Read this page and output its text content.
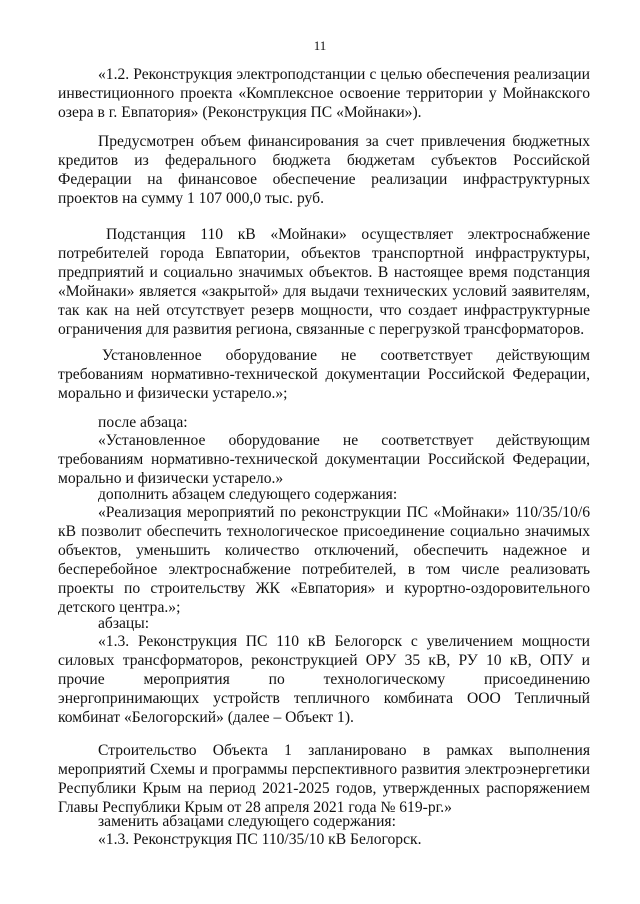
11

«1.2. Реконструкция электроподстанции с целью обеспечения реализации инвестиционного проекта «Комплексное освоение территории у Мойнакского озера в г. Евпатория» (Реконструкция ПС «Мойнаки»).

Предусмотрен объем финансирования за счет привлечения бюджетных кредитов из федерального бюджета бюджетам субъектов Российской Федерации на финансовое обеспечение реализации инфраструктурных проектов на сумму 1 107 000,0 тыс. руб.

Подстанция 110 кВ «Мойнаки» осуществляет электроснабжение потребителей города Евпатории, объектов транспортной инфраструктуры, предприятий и социально значимых объектов. В настоящее время подстанция «Мойнаки» является «закрытой» для выдачи технических условий заявителям, так как на ней отсутствует резерв мощности, что создает инфраструктурные ограничения для развития региона, связанные с перегрузкой трансформаторов.

Установленное оборудование не соответствует действующим требованиям нормативно-технической документации Российской Федерации, морально и физически устарело.»;

после абзаца:

«Установленное оборудование не соответствует действующим требованиям нормативно-технической документации Российской Федерации, морально и физически устарело.»

дополнить абзацем следующего содержания:

«Реализация мероприятий по реконструкции ПС «Мойнаки» 110/35/10/6 кВ позволит обеспечить технологическое присоединение социально значимых объектов, уменьшить количество отключений, обеспечить надежное и бесперебойное электроснабжение потребителей, в том числе реализовать проекты по строительству ЖК «Евпатория» и курортно-оздоровительного детского центра.»;

абзацы:

«1.3. Реконструкция ПС 110 кВ Белогорск с увеличением мощности силовых трансформаторов, реконструкцией ОРУ 35 кВ, РУ 10 кВ, ОПУ и прочие мероприятия по технологическому присоединению энергопринимающих устройств тепличного комбината ООО Тепличный комбинат «Белогорский» (далее – Объект 1).

Строительство Объекта 1 запланировано в рамках выполнения мероприятий Схемы и программы перспективного развития электроэнергетики Республики Крым на период 2021-2025 годов, утвержденных распоряжением Главы Республики Крым от 28 апреля 2021 года № 619-рг.»

заменить абзацами следующего содержания:

«1.3. Реконструкция ПС 110/35/10 кВ Белогорск.
